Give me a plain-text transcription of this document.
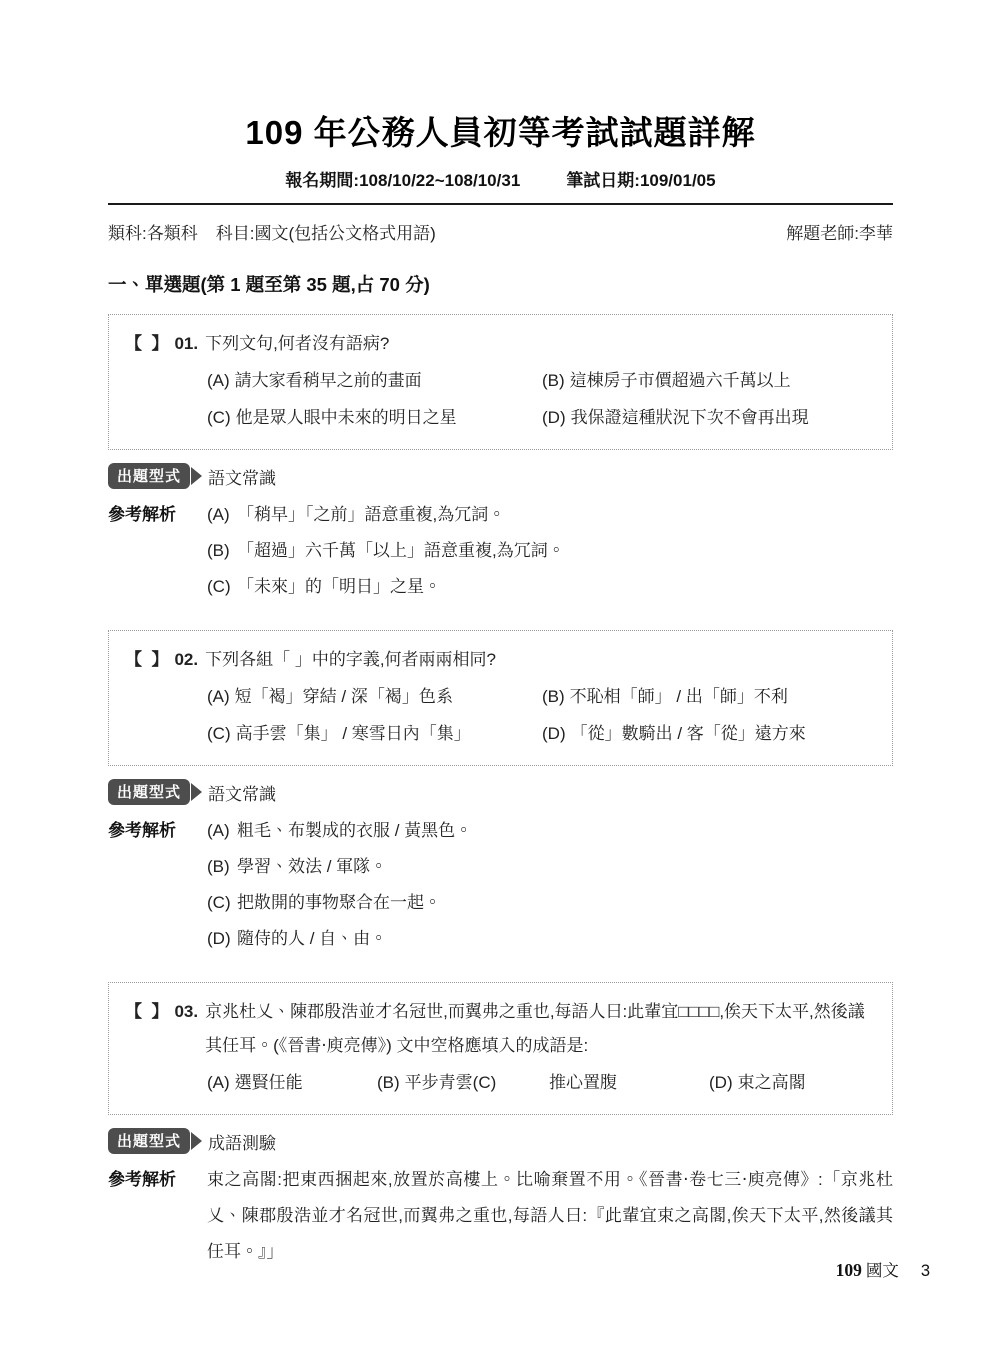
109 年公務人員初等考試試題詳解
報名期間:108/10/22~108/10/31	筆試日期:109/01/05
類科:各類科 科目:國文(包括公文格式用語)	解題老師:李華
一、單選題(第 1 題至第 35 題,占 70 分)
【  】 01. 下列文句,何者沒有語病?
(A) 請大家看稍早之前的畫面	(B) 這棟房子市價超過六千萬以上
(C) 他是眾人眼中未來的明日之星	(D) 我保證這種狀況下次不會再出現
出題型式	語文常識
參考解析	(A) 「稍早」「之前」語意重複,為冗詞。
(B) 「超過」六千萬「以上」語意重複,為冗詞。
(C) 「未來」的「明日」之星。
【  】 02. 下列各組「 」中的字義,何者兩兩相同?
(A) 短「褐」穿結 / 深「褐」色系	(B) 不恥相「師」 / 出「師」不利
(C) 高手雲「集」 / 寒雪日內「集」	(D) 「從」數騎出 / 客「從」遠方來
出題型式	語文常識
參考解析	(A) 粗毛、布製成的衣服 / 黃黑色。
(B) 學習、效法 / 軍隊。
(C) 把散開的事物聚合在一起。
(D) 隨侍的人 / 自、由。
【  】 03. 京兆杜乂、陳郡殷浩並才名冠世,而翼弗之重也,每語人曰:此輩宜□□□□,俟天下太平,然後議其任耳。(《晉書‧庾亮傳》) 文中空格應填入的成語是:
(A) 選賢任能	(B) 平步青雲(C)	推心置腹	(D) 束之高閣
出題型式	成語測驗
參考解析	束之高閣:把東西捆起來,放置於高樓上。比喻棄置不用。《晉書‧卷七三‧庾亮傳》:「京兆杜乂、陳郡殷浩並才名冠世,而翼弗之重也,每語人曰:『此輩宜束之高閣,俟天下太平,然後議其任耳。』」
109 國文 3
